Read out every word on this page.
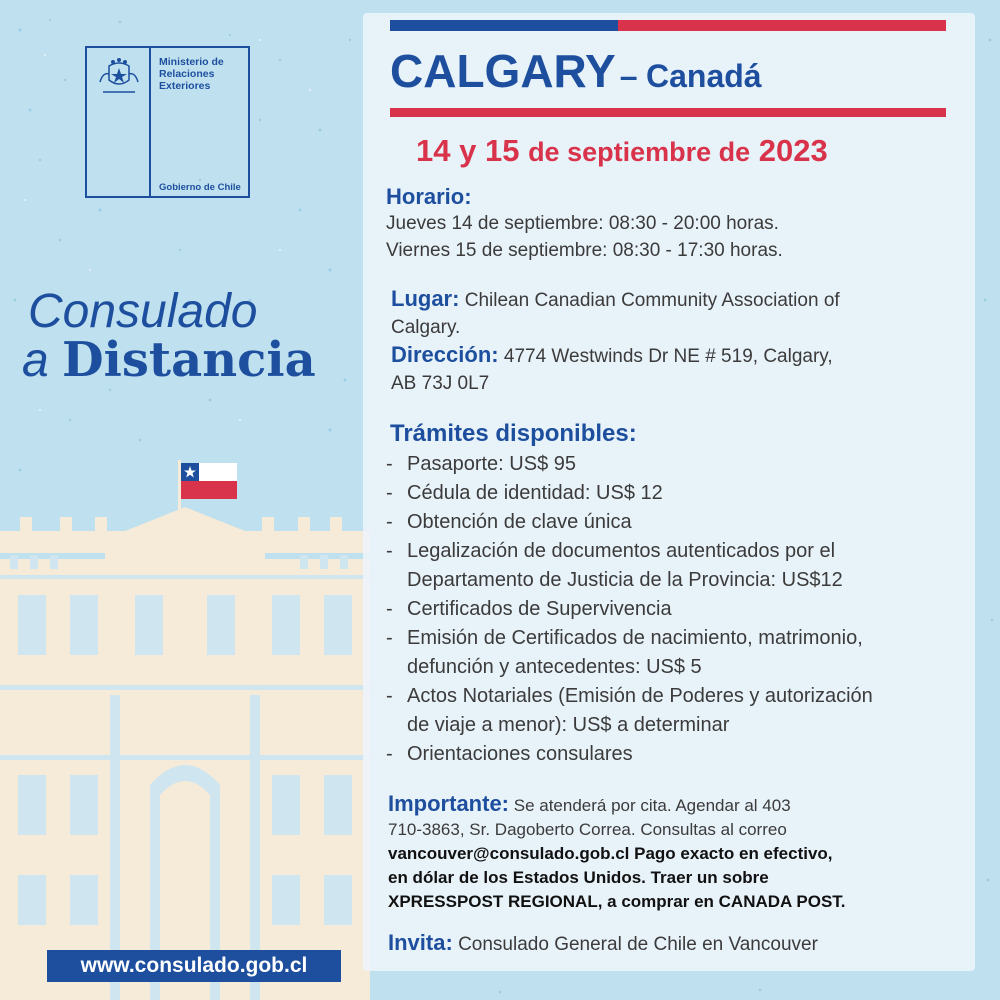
Ministerio de
Relaciones
Exteriores
Gobierno de Chile
Consulado
a Distancia
www.consulado.gob.cl
CALGARY – Canadá
14 y 15 de septiembre de 2023
Horario:
Jueves 14 de septiembre: 08:30 - 20:00 horas.
Viernes 15 de septiembre: 08:30 - 17:30 horas.
Lugar: Chilean Canadian Community Association of
Calgary.
Dirección: 4774 Westwinds Dr NE # 519, Calgary,
AB 73J 0L7
Trámites disponibles:
- Pasaporte: US$ 95
- Cédula de identidad: US$ 12
- Obtención de clave única
- Legalización de documentos autenticados por el
Departamento de Justicia de la Provincia: US$12
- Certificados de Supervivencia
- Emisión de Certificados de nacimiento, matrimonio,
defunción y antecedentes: US$ 5
- Actos Notariales (Emisión de Poderes y autorización
de viaje a menor): US$ a determinar
- Orientaciones consulares
Importante: Se atenderá por cita. Agendar al 403
710-3863, Sr. Dagoberto Correa. Consultas al correo
vancouver@consulado.gob.cl Pago exacto en efectivo,
en dólar de los Estados Unidos. Traer un sobre
XPRESSPOST REGIONAL, a comprar en CANADA POST.
Invita: Consulado General de Chile en Vancouver
